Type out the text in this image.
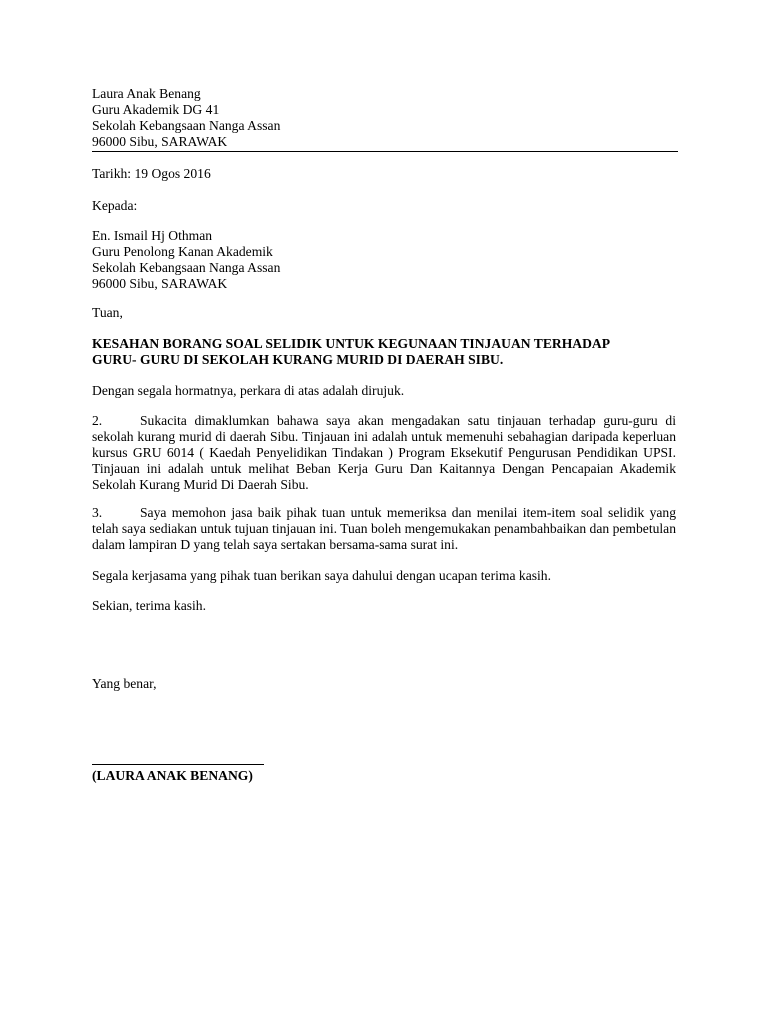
Laura Anak Benang
Guru Akademik DG 41
Sekolah Kebangsaan Nanga Assan
96000 Sibu, SARAWAK
Tarikh: 19 Ogos 2016
Kepada:
En. Ismail Hj Othman
Guru Penolong Kanan Akademik
Sekolah Kebangsaan Nanga Assan
96000 Sibu, SARAWAK
Tuan,
KESAHAN BORANG SOAL SELIDIK UNTUK KEGUNAAN TINJAUAN TERHADAP
GURU- GURU DI SEKOLAH KURANG MURID DI DAERAH SIBU.
Dengan segala hormatnya, perkara di atas adalah dirujuk.
2.	Sukacita dimaklumkan bahawa saya akan mengadakan satu tinjauan terhadap guru-guru di sekolah kurang murid di daerah Sibu. Tinjauan ini adalah untuk memenuhi sebahagian daripada keperluan kursus GRU 6014 ( Kaedah Penyelidikan Tindakan ) Program Eksekutif Pengurusan Pendidikan UPSI. Tinjauan ini adalah untuk melihat Beban Kerja Guru Dan Kaitannya Dengan Pencapaian Akademik Sekolah Kurang Murid Di Daerah Sibu.
3.	Saya memohon jasa baik pihak tuan untuk memeriksa dan menilai item-item soal selidik yang telah saya sediakan untuk tujuan tinjauan ini. Tuan boleh mengemukakan penambahbaikan dan pembetulan dalam lampiran D yang telah saya sertakan bersama-sama surat ini.
Segala kerjasama yang pihak tuan berikan saya dahului dengan ucapan terima kasih.
Sekian, terima kasih.
Yang benar,
(LAURA ANAK BENANG)
